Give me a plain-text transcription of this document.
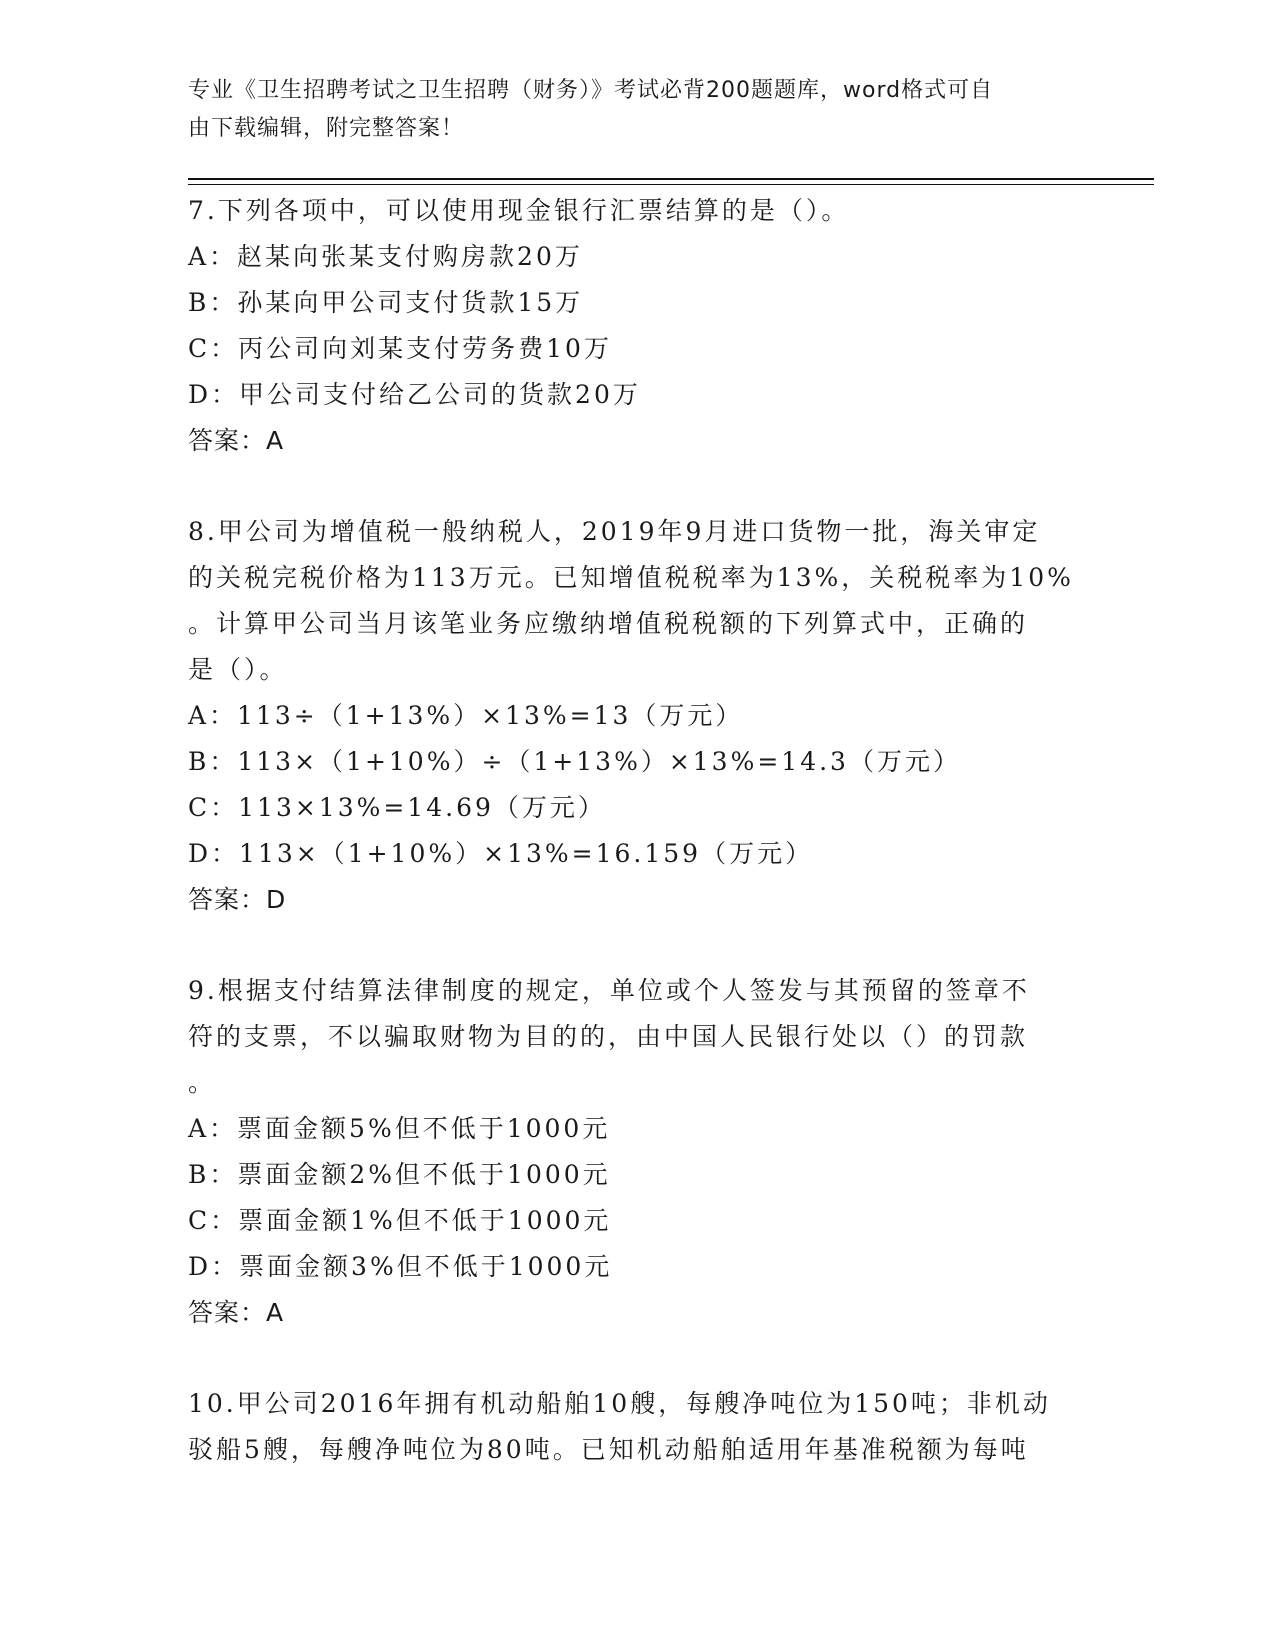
专业《卫生招聘考试之卫生招聘（财务）》考试必背200题题库，word格式可自
由下载编辑，附完整答案！
7.下列各项中，可以使用现金银行汇票结算的是（）。
A：赵某向张某支付购房款20万
B：孙某向甲公司支付货款15万
C：丙公司向刘某支付劳务费10万
D：甲公司支付给乙公司的货款20万
答案：A
8.甲公司为增值税一般纳税人，2019年9月进口货物一批，海关审定
的关税完税价格为113万元。已知增值税税率为13%，关税税率为10%
。计算甲公司当月该笔业务应缴纳增值税税额的下列算式中，正确的
是（）。
A：113÷（1+13%）×13%=13（万元）
B：113×（1+10%）÷（1+13%）×13%=14.3（万元）
C：113×13%=14.69（万元）
D：113×（1+10%）×13%=16.159（万元）
答案：D
9.根据支付结算法律制度的规定，单位或个人签发与其预留的签章不
符的支票，不以骗取财物为目的的，由中国人民银行处以（）的罚款
。
A：票面金额5%但不低于1000元
B：票面金额2%但不低于1000元
C：票面金额1%但不低于1000元
D：票面金额3%但不低于1000元
答案：A
10.甲公司2016年拥有机动船舶10艘，每艘净吨位为150吨；非机动
驳船5艘，每艘净吨位为80吨。已知机动船舶适用年基准税额为每吨
